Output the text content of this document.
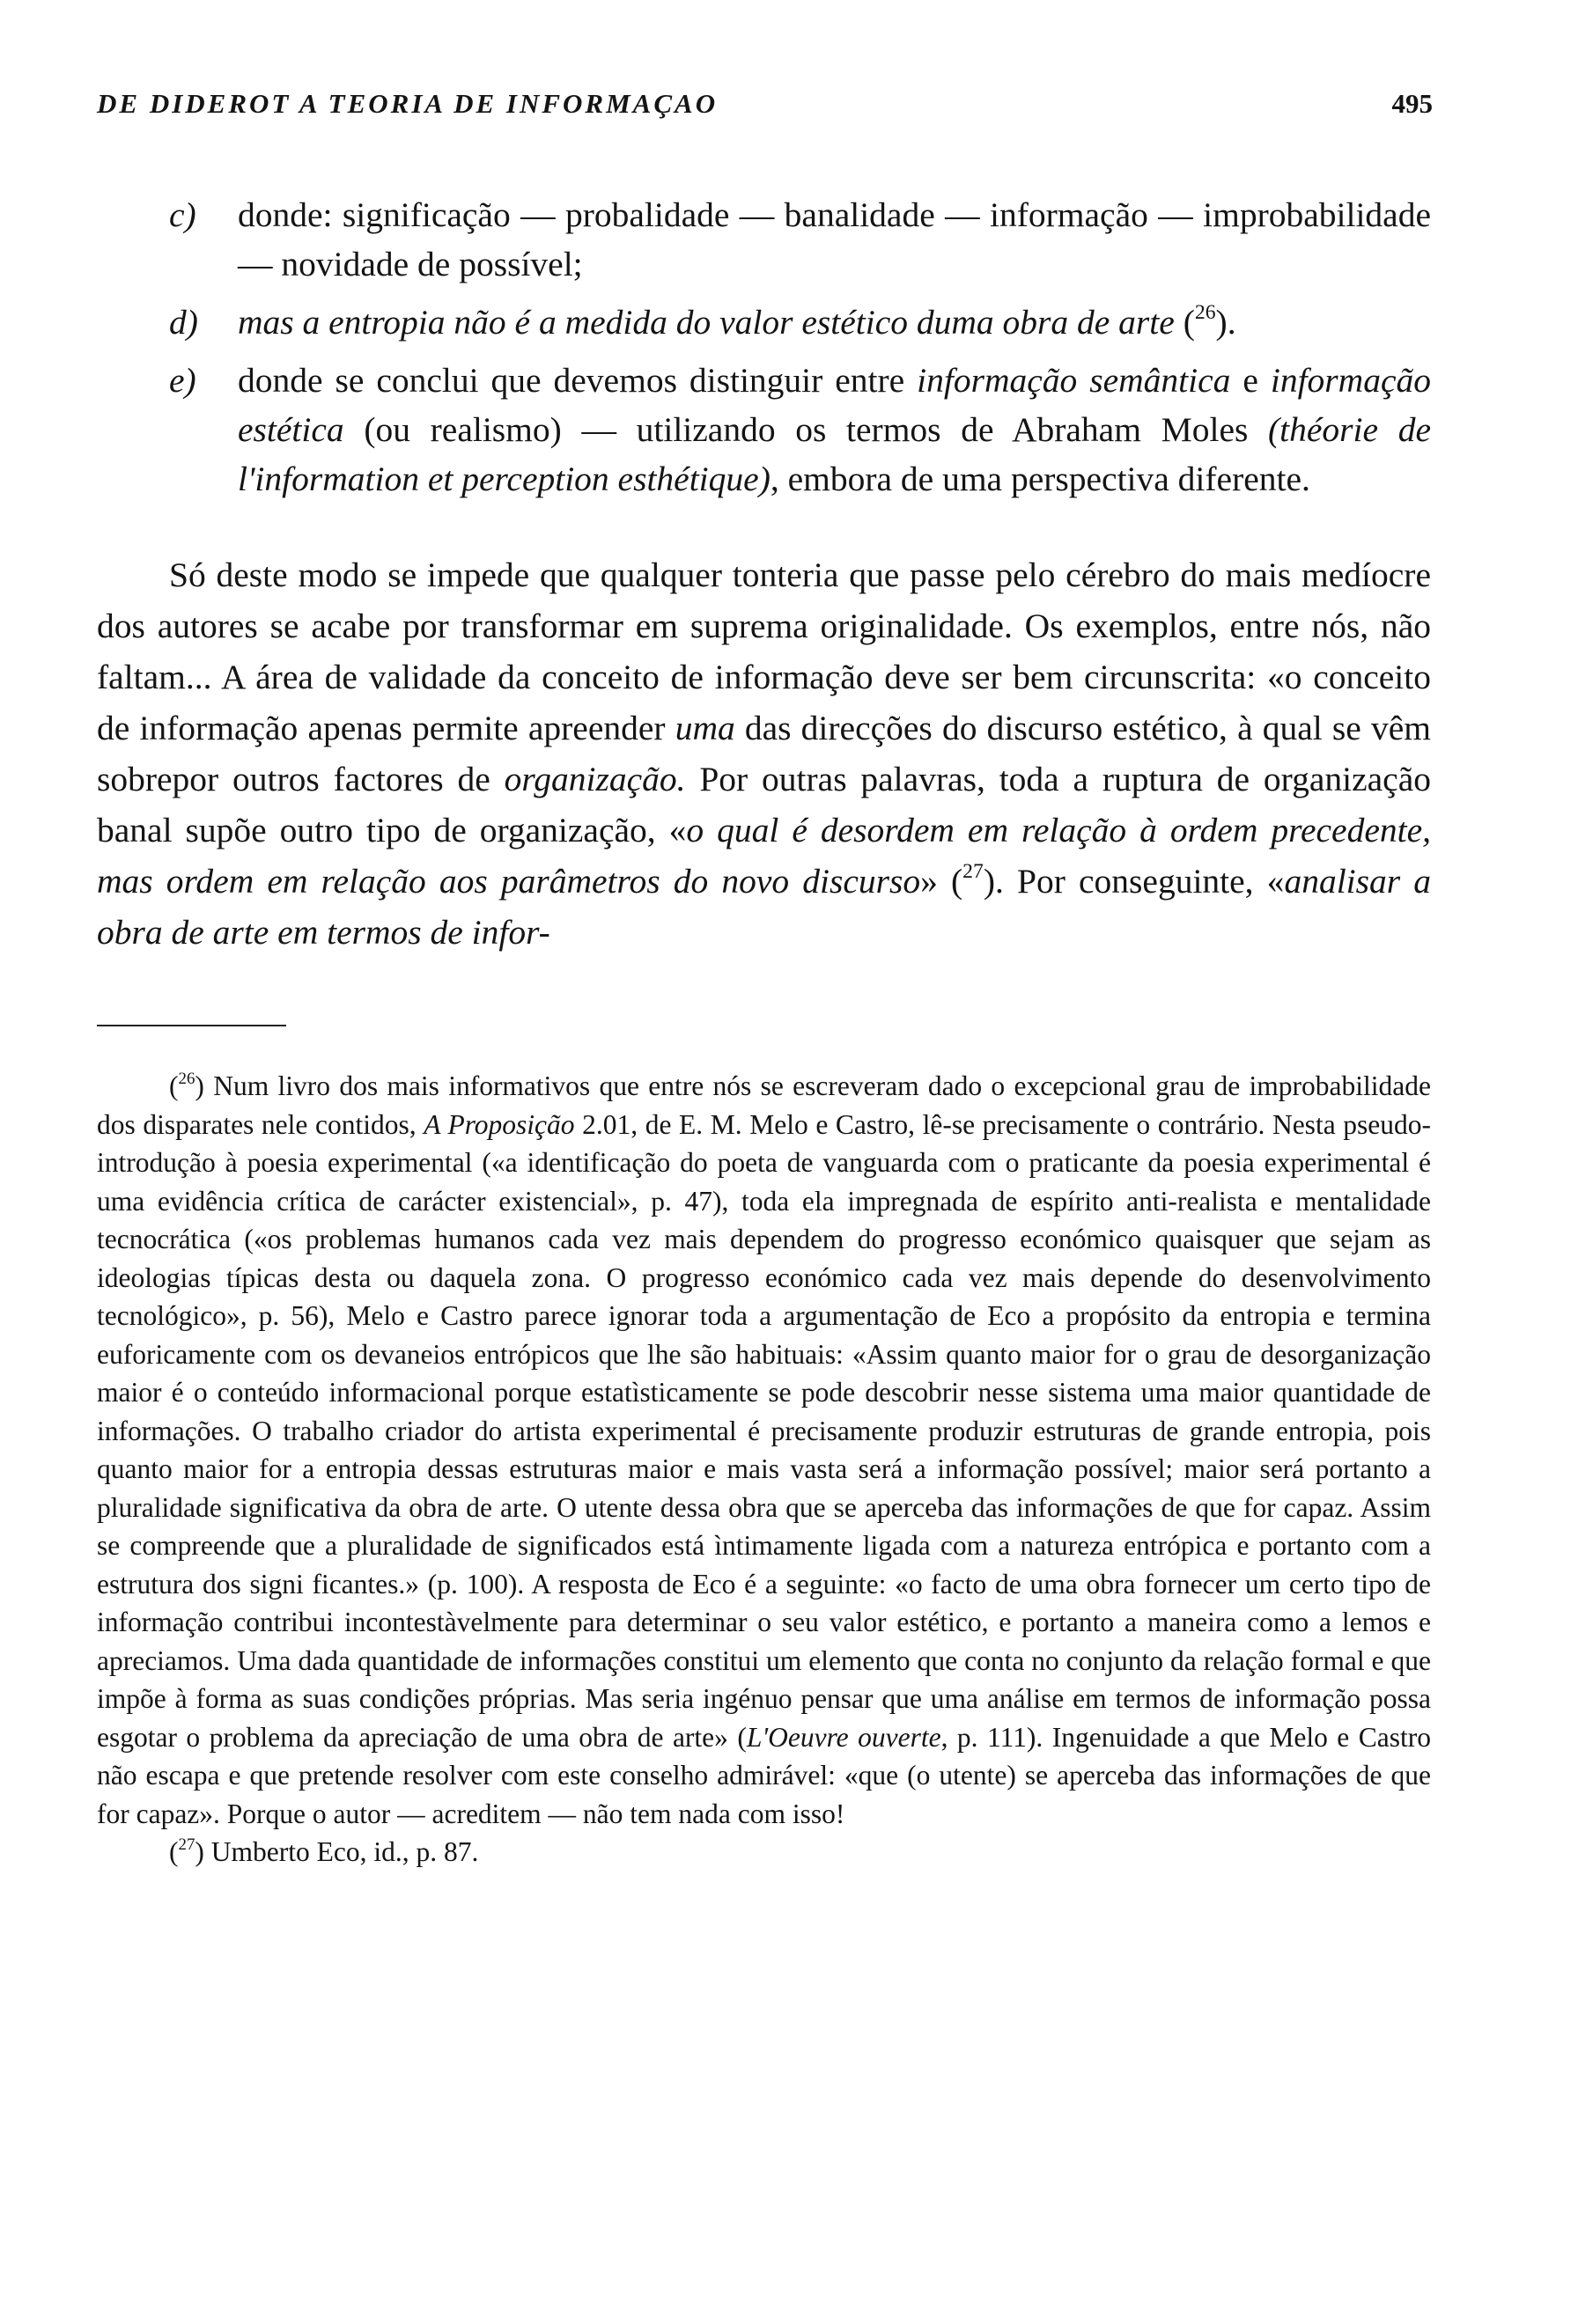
DE DIDEROT A TEORIA DE INFORMAÇAO	495
c)	donde: significação — probalidade — banalidade — informação — improbabilidade — novidade de possível;
d)	mas a entropia não é a medida do valor estético duma obra de arte ($^{26}$).
e)	donde se conclui que devemos distinguir entre informação semântica e informação estética (ou realismo) — utilizando os termos de Abraham Moles (théorie de l'information et perception esthétique), embora de uma perspectiva diferente.

Só deste modo se impede que qualquer tonteria que passe pelo cérebro do mais medíocre dos autores se acabe por transformar em suprema originalidade. Os exemplos, entre nós, não faltam... A área de validade da conceito de informação deve ser bem circunscrita: «o conceito de informação apenas permite apreender uma das direcções do discurso estético, à qual se vêm sobrepor outros factores de organização. Por outras palavras, toda a ruptura de organização banal supõe outro tipo de organização, «o qual é desordem em relação à ordem precedente, mas ordem em relação aos parâmetros do novo discurso» ($^{27}$). Por conseguinte, «analisar a obra de arte em termos de infor-

($^{26}$) Num livro dos mais informativos que entre nós se escreveram dado o excepcional grau de improbabilidade dos disparates nele contidos, A Proposição 2.01, de E. M. Melo e Castro, lê-se precisamente o contrário. Nesta pseudo-introdução à poesia experimental («a identificação do poeta de vanguarda com o praticante da poesia experimental é uma evidência crítica de carácter existencial», p. 47), toda ela impregnada de espírito anti-realista e mentalidade tecnocrática («os problemas humanos cada vez mais dependem do progresso económico quaisquer que sejam as ideologias típicas desta ou daquela zona. O progresso económico cada vez mais depende do desenvolvimento tecnológico», p. 56), Melo e Castro parece ignorar toda a argumentação de Eco a propósito da entropia e termina euforicamente com os devaneios entrópicos que lhe são habituais: «Assim quanto maior for o grau de desorganização maior é o conteúdo informacional porque estatìsticamente se pode descobrir nesse sistema uma maior quantidade de informações. O trabalho criador do artista experimental é precisamente produzir estruturas de grande entropia, pois quanto maior for a entropia dessas estruturas maior e mais vasta será a informação possível; maior será portanto a pluralidade significativa da obra de arte. O utente dessa obra que se aperceba das informações de que for capaz. Assim se compreende que a pluralidade de significados está ìntimamente ligada com a natureza entrópica e portanto com a estrutura dos signi ficantes.» (p. 100). A resposta de Eco é a seguinte: «o facto de uma obra fornecer um certo tipo de informação contribui incontestàvelmente para determinar o seu valor estético, e portanto a maneira como a lemos e apreciamos. Uma dada quantidade de informações constitui um elemento que conta no conjunto da relação formal e que impõe à forma as suas condições próprias. Mas seria ingénuo pensar que uma análise em termos de informação possa esgotar o problema da apreciação de uma obra de arte» (L'Oeuvre ouverte, p. 111). Ingenuidade a que Melo e Castro não escapa e que pretende resolver com este conselho admirável: «que (o utente) se aperceba das informações de que for capaz». Porque o autor — acreditem — não tem nada com isso!

($^{27}$) Umberto Eco, id., p. 87.
